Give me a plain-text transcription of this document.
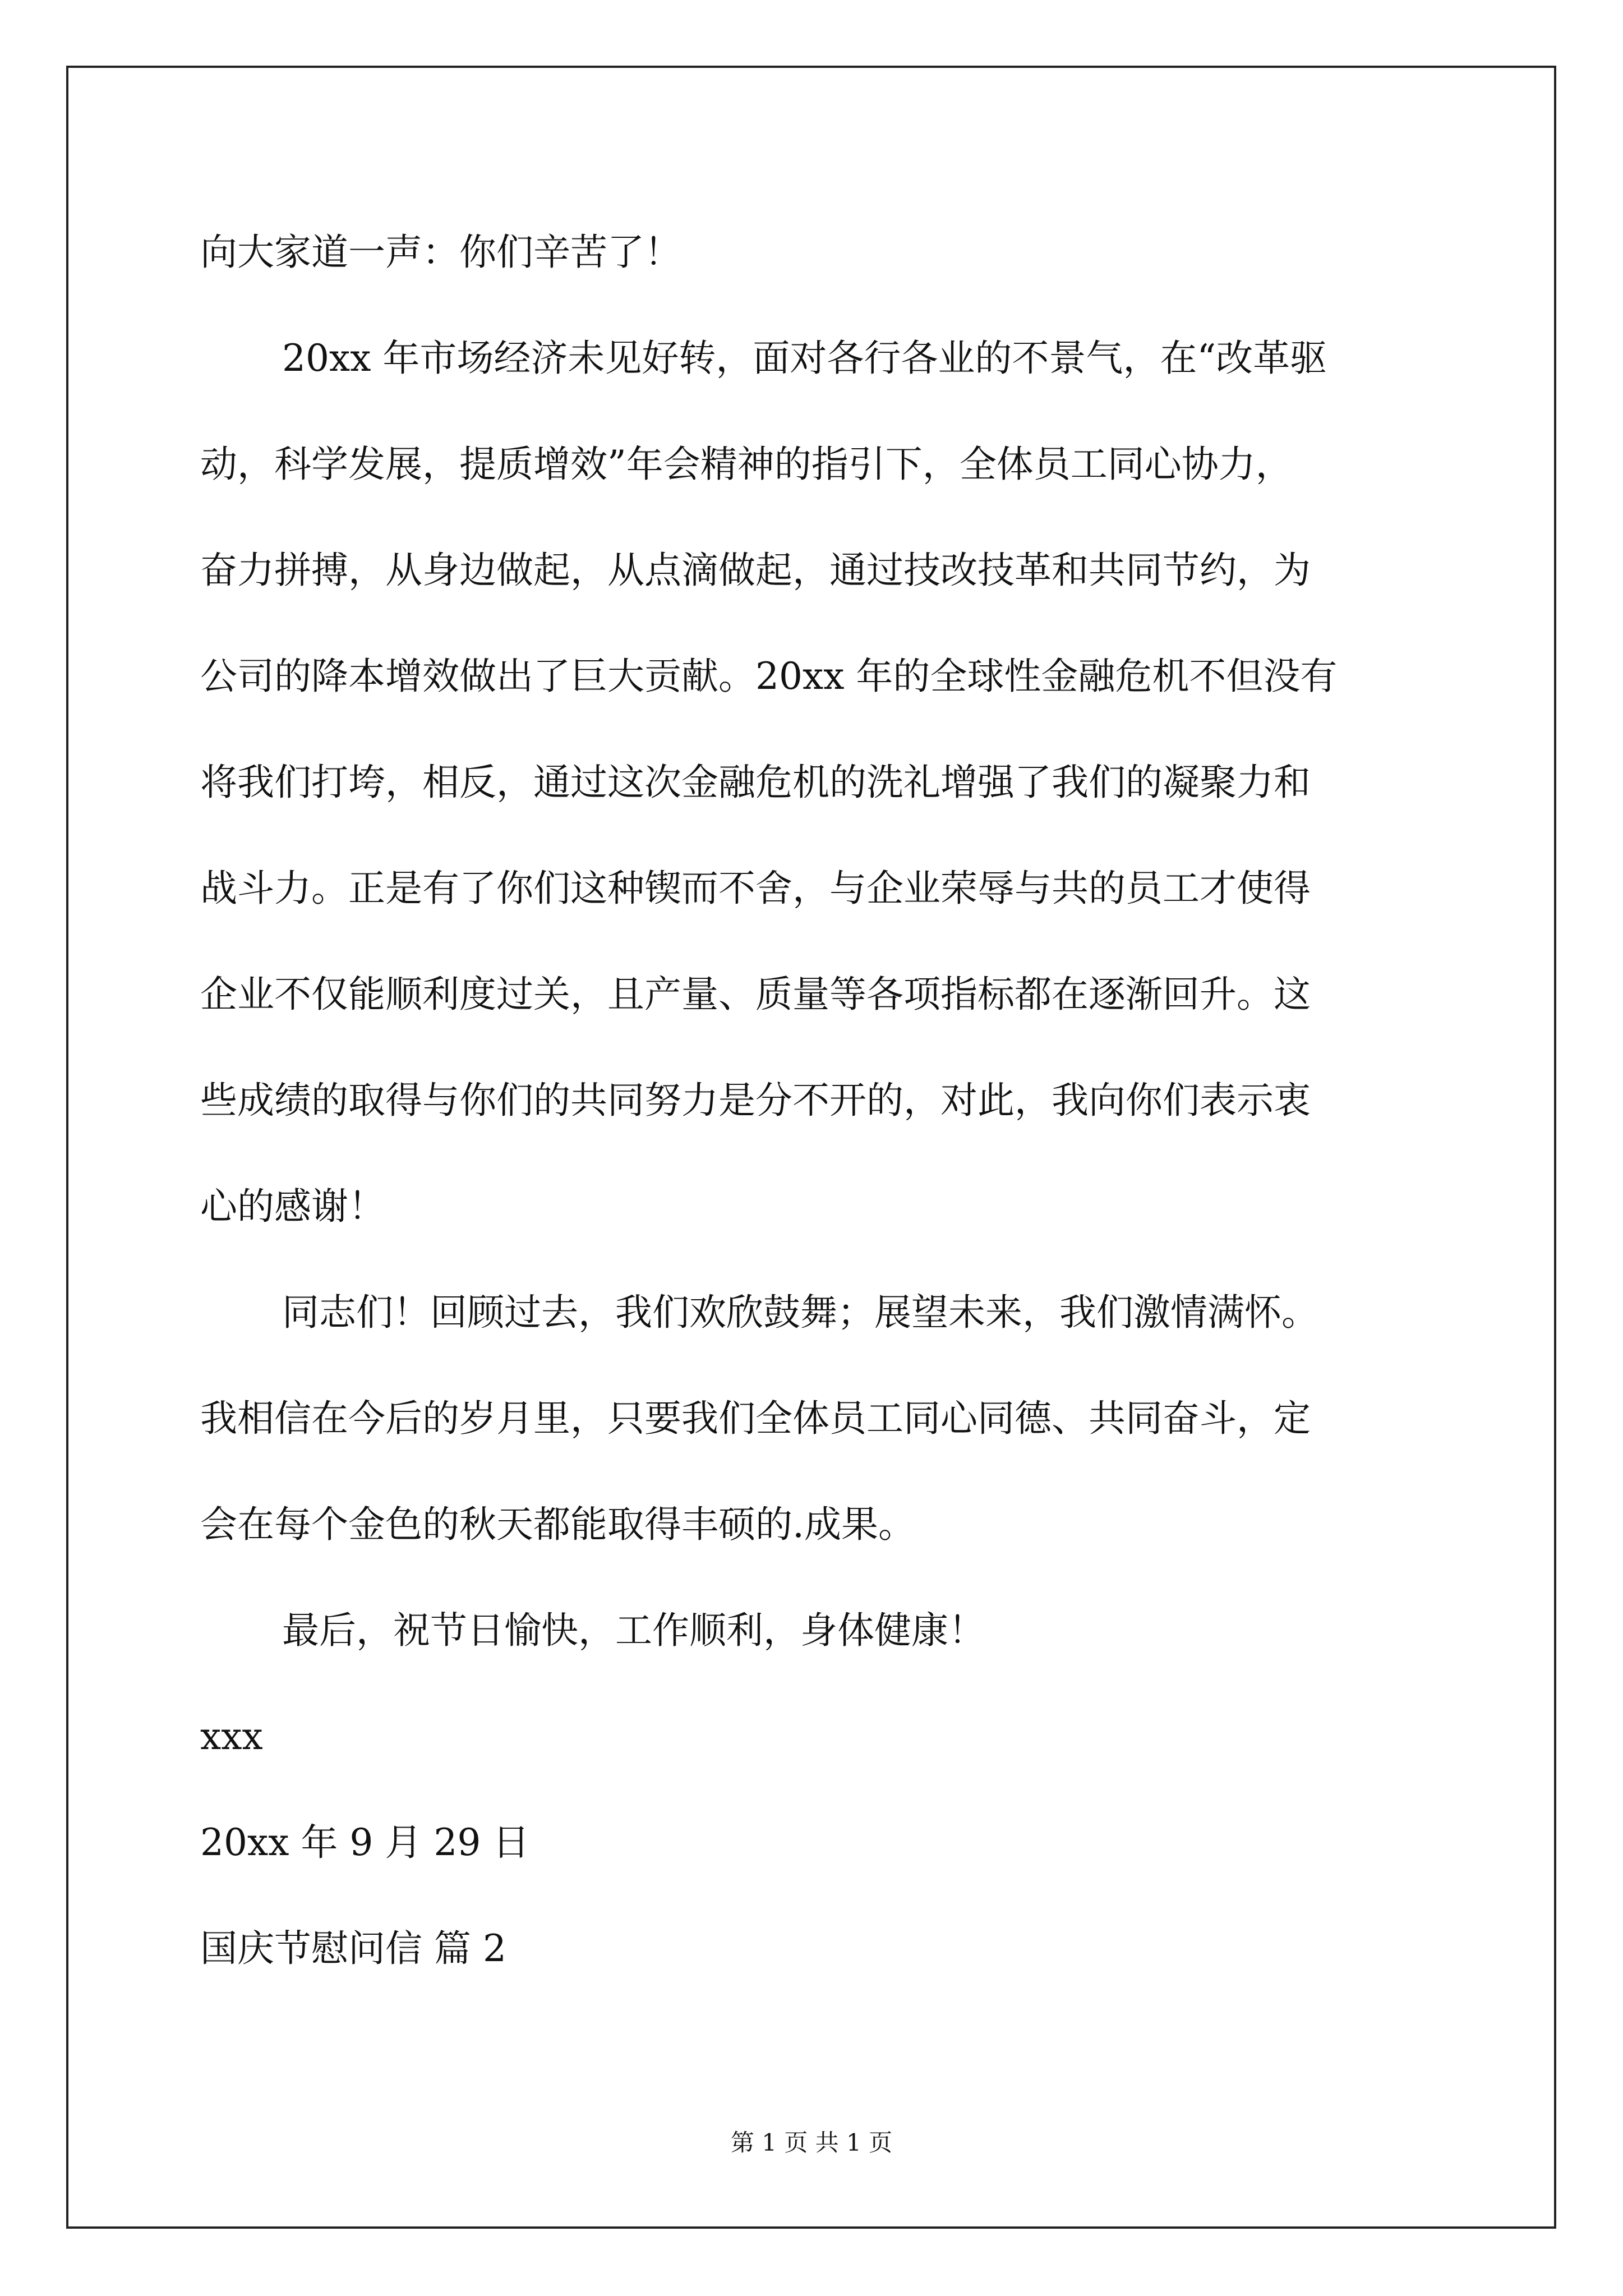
向大家道一声：你们辛苦了！
20xx 年市场经济未见好转，面对各行各业的不景气，在“改革驱
动，科学发展，提质增效”年会精神的指引下，全体员工同心协力，
奋力拼搏，从身边做起，从点滴做起，通过技改技革和共同节约，为
公司的降本增效做出了巨大贡献。20xx 年的全球性金融危机不但没有
将我们打垮，相反，通过这次金融危机的洗礼增强了我们的凝聚力和
战斗力。正是有了你们这种锲而不舍，与企业荣辱与共的员工才使得
企业不仅能顺利度过关，且产量、质量等各项指标都在逐渐回升。这
些成绩的取得与你们的共同努力是分不开的，对此，我向你们表示衷
心的感谢！
同志们！回顾过去，我们欢欣鼓舞；展望未来，我们激情满怀。
我相信在今后的岁月里，只要我们全体员工同心同德、共同奋斗，定
会在每个金色的秋天都能取得丰硕的.成果。
最后，祝节日愉快，工作顺利，身体健康！
xxx
20xx 年 9 月 29 日
国庆节慰问信 篇 2
第 1 页 共 1 页
